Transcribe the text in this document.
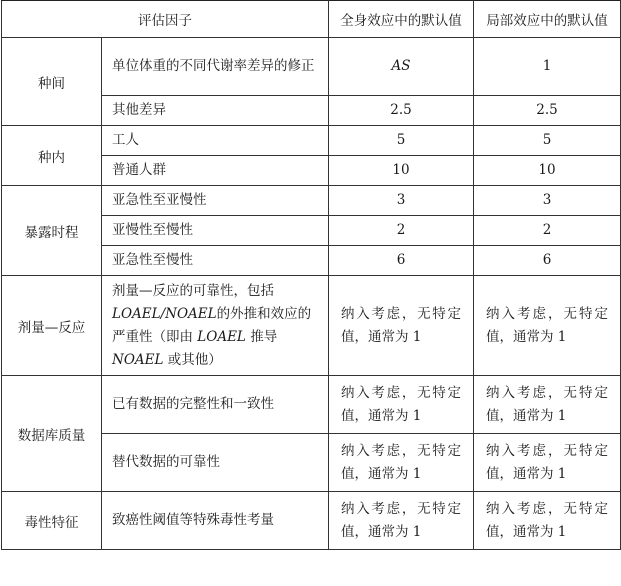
评估因子		全身效应中的默认值	局部效应中的默认值
种间	单位体重的不同代谢率差异的修正	AS	1
	其他差异	2.5	2.5
种内	工人	5	5
	普通人群	10	10
暴露时程	亚急性至亚慢性	3	3
	亚慢性至慢性	2	2
	亚急性至慢性	6	6
剂量—反应	剂量—反应的可靠性，包括LOAEL/NOAEL的外推和效应的严重性（即由 LOAEL 推导 NOAEL 或其他）	纳入考虑，无特定值，通常为 1	纳入考虑，无特定值，通常为 1
数据库质量	已有数据的完整性和一致性	纳入考虑，无特定值，通常为 1	纳入考虑，无特定值，通常为 1
	替代数据的可靠性	纳入考虑，无特定值，通常为 1	纳入考虑，无特定值，通常为 1
毒性特征	致癌性阈值等特殊毒性考量	纳入考虑，无特定值，通常为 1	纳入考虑，无特定值，通常为 1
